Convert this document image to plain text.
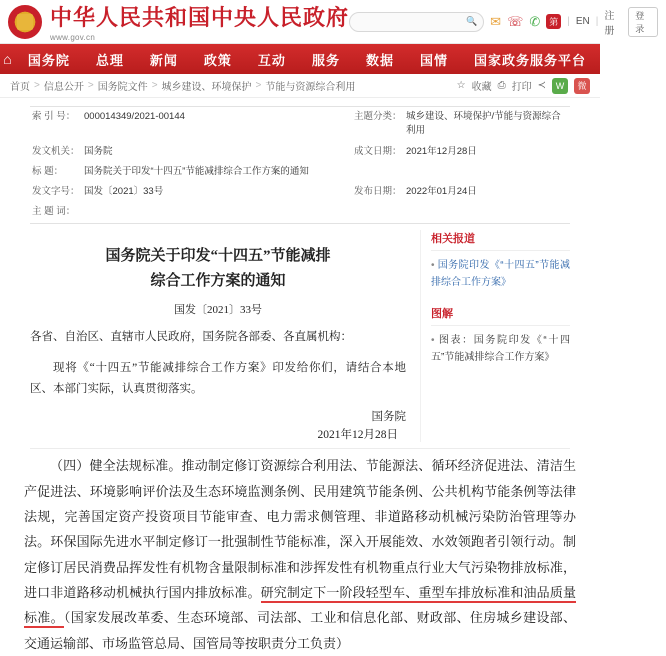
中华人民共和国中央人民政府
www.gov.cn
🔍 ✉ ☏ ✆	第 | EN | 注册
登录
⌂	国务院	总理	新闻	政策	互动	服务	数据	国情	国家政务服务平台
首页 > 信息公开 > 国务院文件 > 城乡建设、环境保护 > 节能与资源综合利用	☆ 收藏 ⎙ 打印 ≺	W	微
索 引 号 ：	000014349/2021-00144	主题分类 ：	城乡建设、环境保护/节能与资源综合利用
发文机关 ：	国务院	成文日期 ：	2021年12月28日
标 题 ：	国务院关于印发“十四五”节能减排综合工作方案的通知		
发文字号 ：	国发〔2021〕33号	发布日期 ：	2022年01月24日
主 题 词 ：	
国务院关于印发“十四五”节能减排
综合工作方案的通知
国发〔2021〕33号
各省、自治区、直辖市人民政府，国务院各部委、各直属机构：
现将《“十四五”节能减排综合工作方案》印发给你们，请结合本地区、本部门实际，认真贯彻落实。
国务院
2021年12月28日
相关报道
• 国务院印发《“十四五”节能减排综合工作方案》
图解
• 图表：国务院印发《“十四五”节能减排综合工作方案》
（四）健全法规标准。推动制定修订资源综合利用法、节能源法、循环经济促进法、清洁生产促进法、环境影响评价法及生态环境监测条例、民用建筑节能条例、公共机构节能条例等法律法规，完善国定资产投资项目节能审查、电力需求侧管理、非道路移动机械污染防治管理等办法。环保国际先进水平制定修订一批强制性节能标准，深入开展能效、水效领跑者引领行动。制定修订居民消费品挥发性有机物含量限制标准和涉挥发性有机物重点行业大气污染物排放标准，进口非道路移动机械执行国内排放标准。研究制定下一阶段轻型车、重型车排放标准和油品质量标准。（国家发展改革委、生态环境部、司法部、工业和信息化部、财政部、住房城乡建设部、交通运输部、市场监管总局、国管局等按职责分工负责）
